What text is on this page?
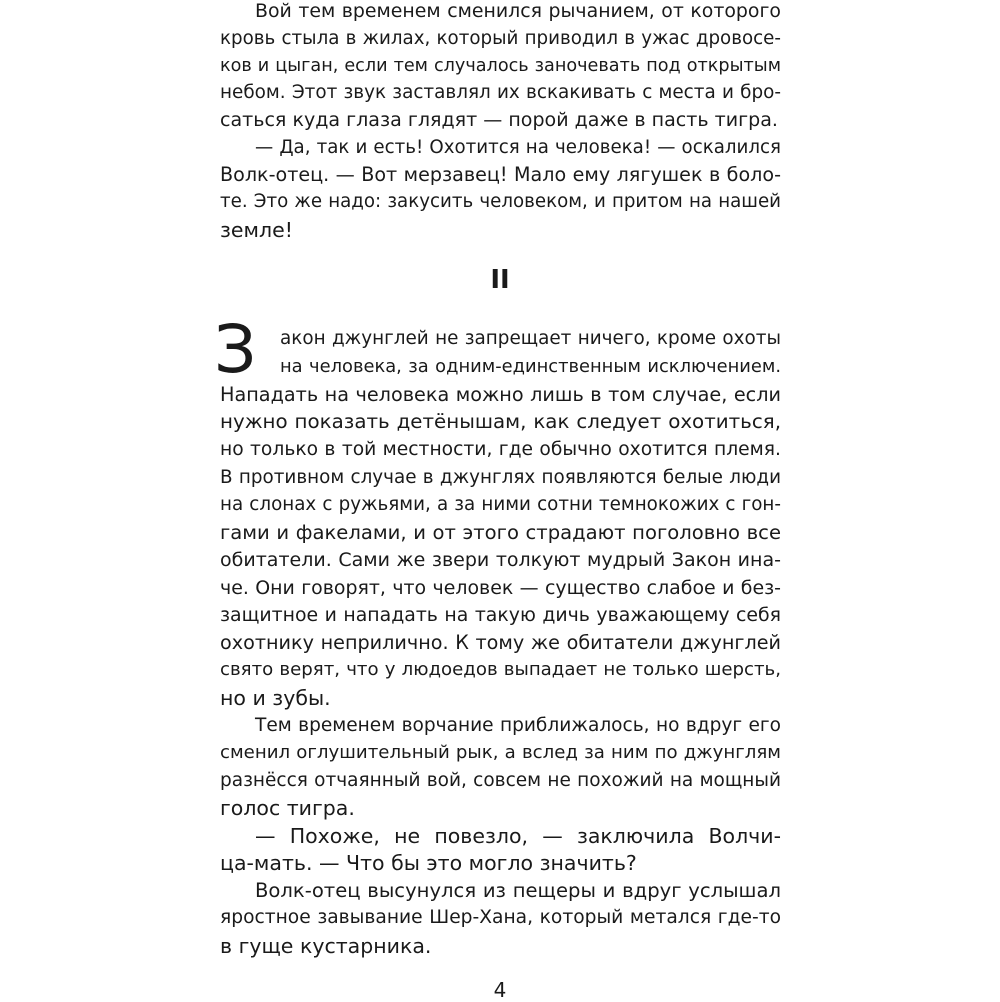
Вой тем временем сменился рычанием, от которого
кровь стыла в жилах, который приводил в ужас дровосе-
ков и цыган, если тем случалось заночевать под открытым
небом. Этот звук заставлял их вскакивать с места и бро-
саться куда глаза глядят — порой даже в пасть тигра.
— Да, так и есть! Охотится на человека! — оскалился
Волк-отец. — Вот мерзавец! Мало ему лягушек в боло-
те. Это же надо: закусить человеком, и притом на нашей
земле!
II
З акон джунглей не запрещает ничего, кроме охоты
на человека, за одним-единственным исключением.
Нападать на человека можно лишь в том случае, если
нужно показать детёнышам, как следует охотиться,
но только в той местности, где обычно охотится племя.
В противном случае в джунглях появляются белые люди
на слонах с ружьями, а за ними сотни темнокожих с гон-
гами и факелами, и от этого страдают поголовно все
обитатели. Сами же звери толкуют мудрый Закон ина-
че. Они говорят, что человек — существо слабое и без-
защитное и нападать на такую дичь уважающему себя
охотнику неприлично. К тому же обитатели джунглей
свято верят, что у людоедов выпадает не только шерсть,
но и зубы.
Тем временем ворчание приближалось, но вдруг его
сменил оглушительный рык, а вслед за ним по джунглям
разнёсся отчаянный вой, совсем не похожий на мощный
голос тигра.
— Похоже, не повезло, — заключила Волчи-
ца-мать. — Что бы это могло значить?
Волк-отец высунулся из пещеры и вдруг услышал
яростное завывание Шер-Хана, который метался где-то
в гуще кустарника.
4
